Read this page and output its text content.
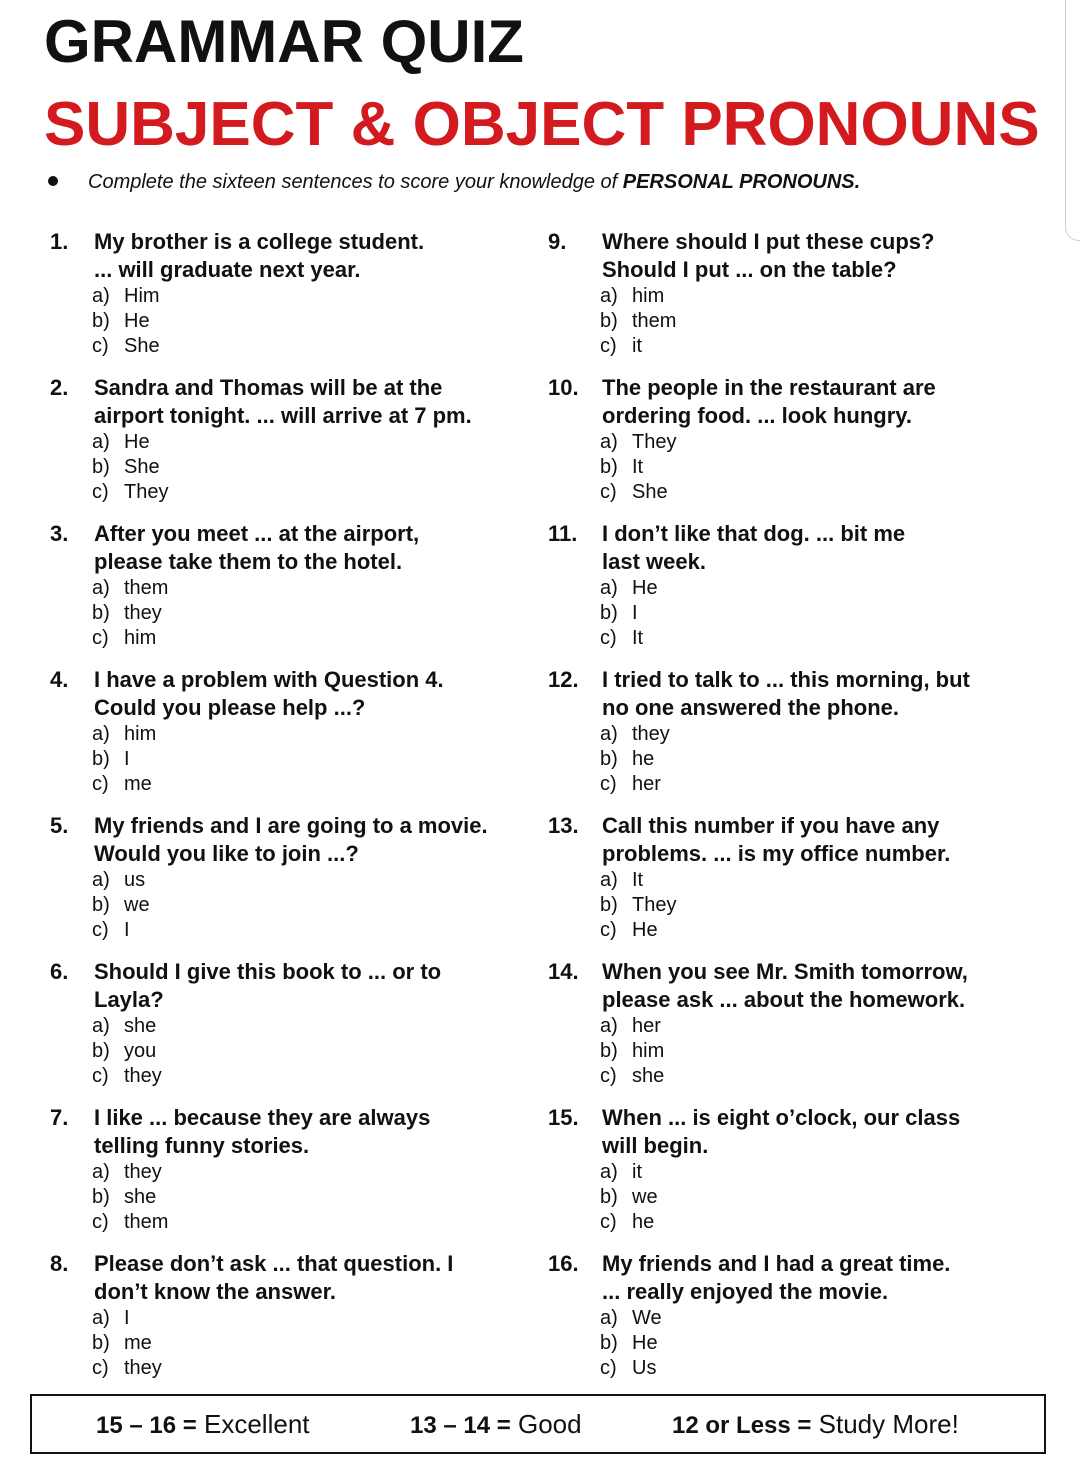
GRAMMAR QUIZ
SUBJECT & OBJECT PRONOUNS
Complete the sixteen sentences to score your knowledge of PERSONAL PRONOUNS.
1.	My brother is a college student.
... will graduate next year.
a) Him
b) He
c) She
2.	Sandra and Thomas will be at the
airport tonight. ... will arrive at 7 pm.
a) He
b) She
c) They
3.	After you meet ... at the airport,
please take them to the hotel.
a) them
b) they
c) him
4.	I have a problem with Question 4.
Could you please help ...?
a) him
b) I
c) me
5.	My friends and I are going to a movie.
Would you like to join ...?
a) us
b) we
c) I
6.	Should I give this book to ... or to
Layla?
a) she
b) you
c) they
7.	I like ... because they are always
telling funny stories.
a) they
b) she
c) them
8.	Please don’t ask ... that question. I
don’t know the answer.
a) I
b) me
c) they
9.	Where should I put these cups?
Should I put ... on the table?
a) him
b) them
c) it
10.	The people in the restaurant are
ordering food. ... look hungry.
a) They
b) It
c) She
11.	I don’t like that dog. ... bit me
last week.
a) He
b) I
c) It
12.	I tried to talk to ... this morning, but
no one answered the phone.
a) they
b) he
c) her
13.	Call this number if you have any
problems. ... is my office number.
a) It
b) They
c) He
14.	When you see Mr. Smith tomorrow,
please ask ... about the homework.
a) her
b) him
c) she
15.	When ... is eight o’clock, our class
will begin.
a) it
b) we
c) he
16.	My friends and I had a great time.
... really enjoyed the movie.
a) We
b) He
c) Us
15 – 16 = Excellent	13 – 14 = Good	12 or Less = Study More!
